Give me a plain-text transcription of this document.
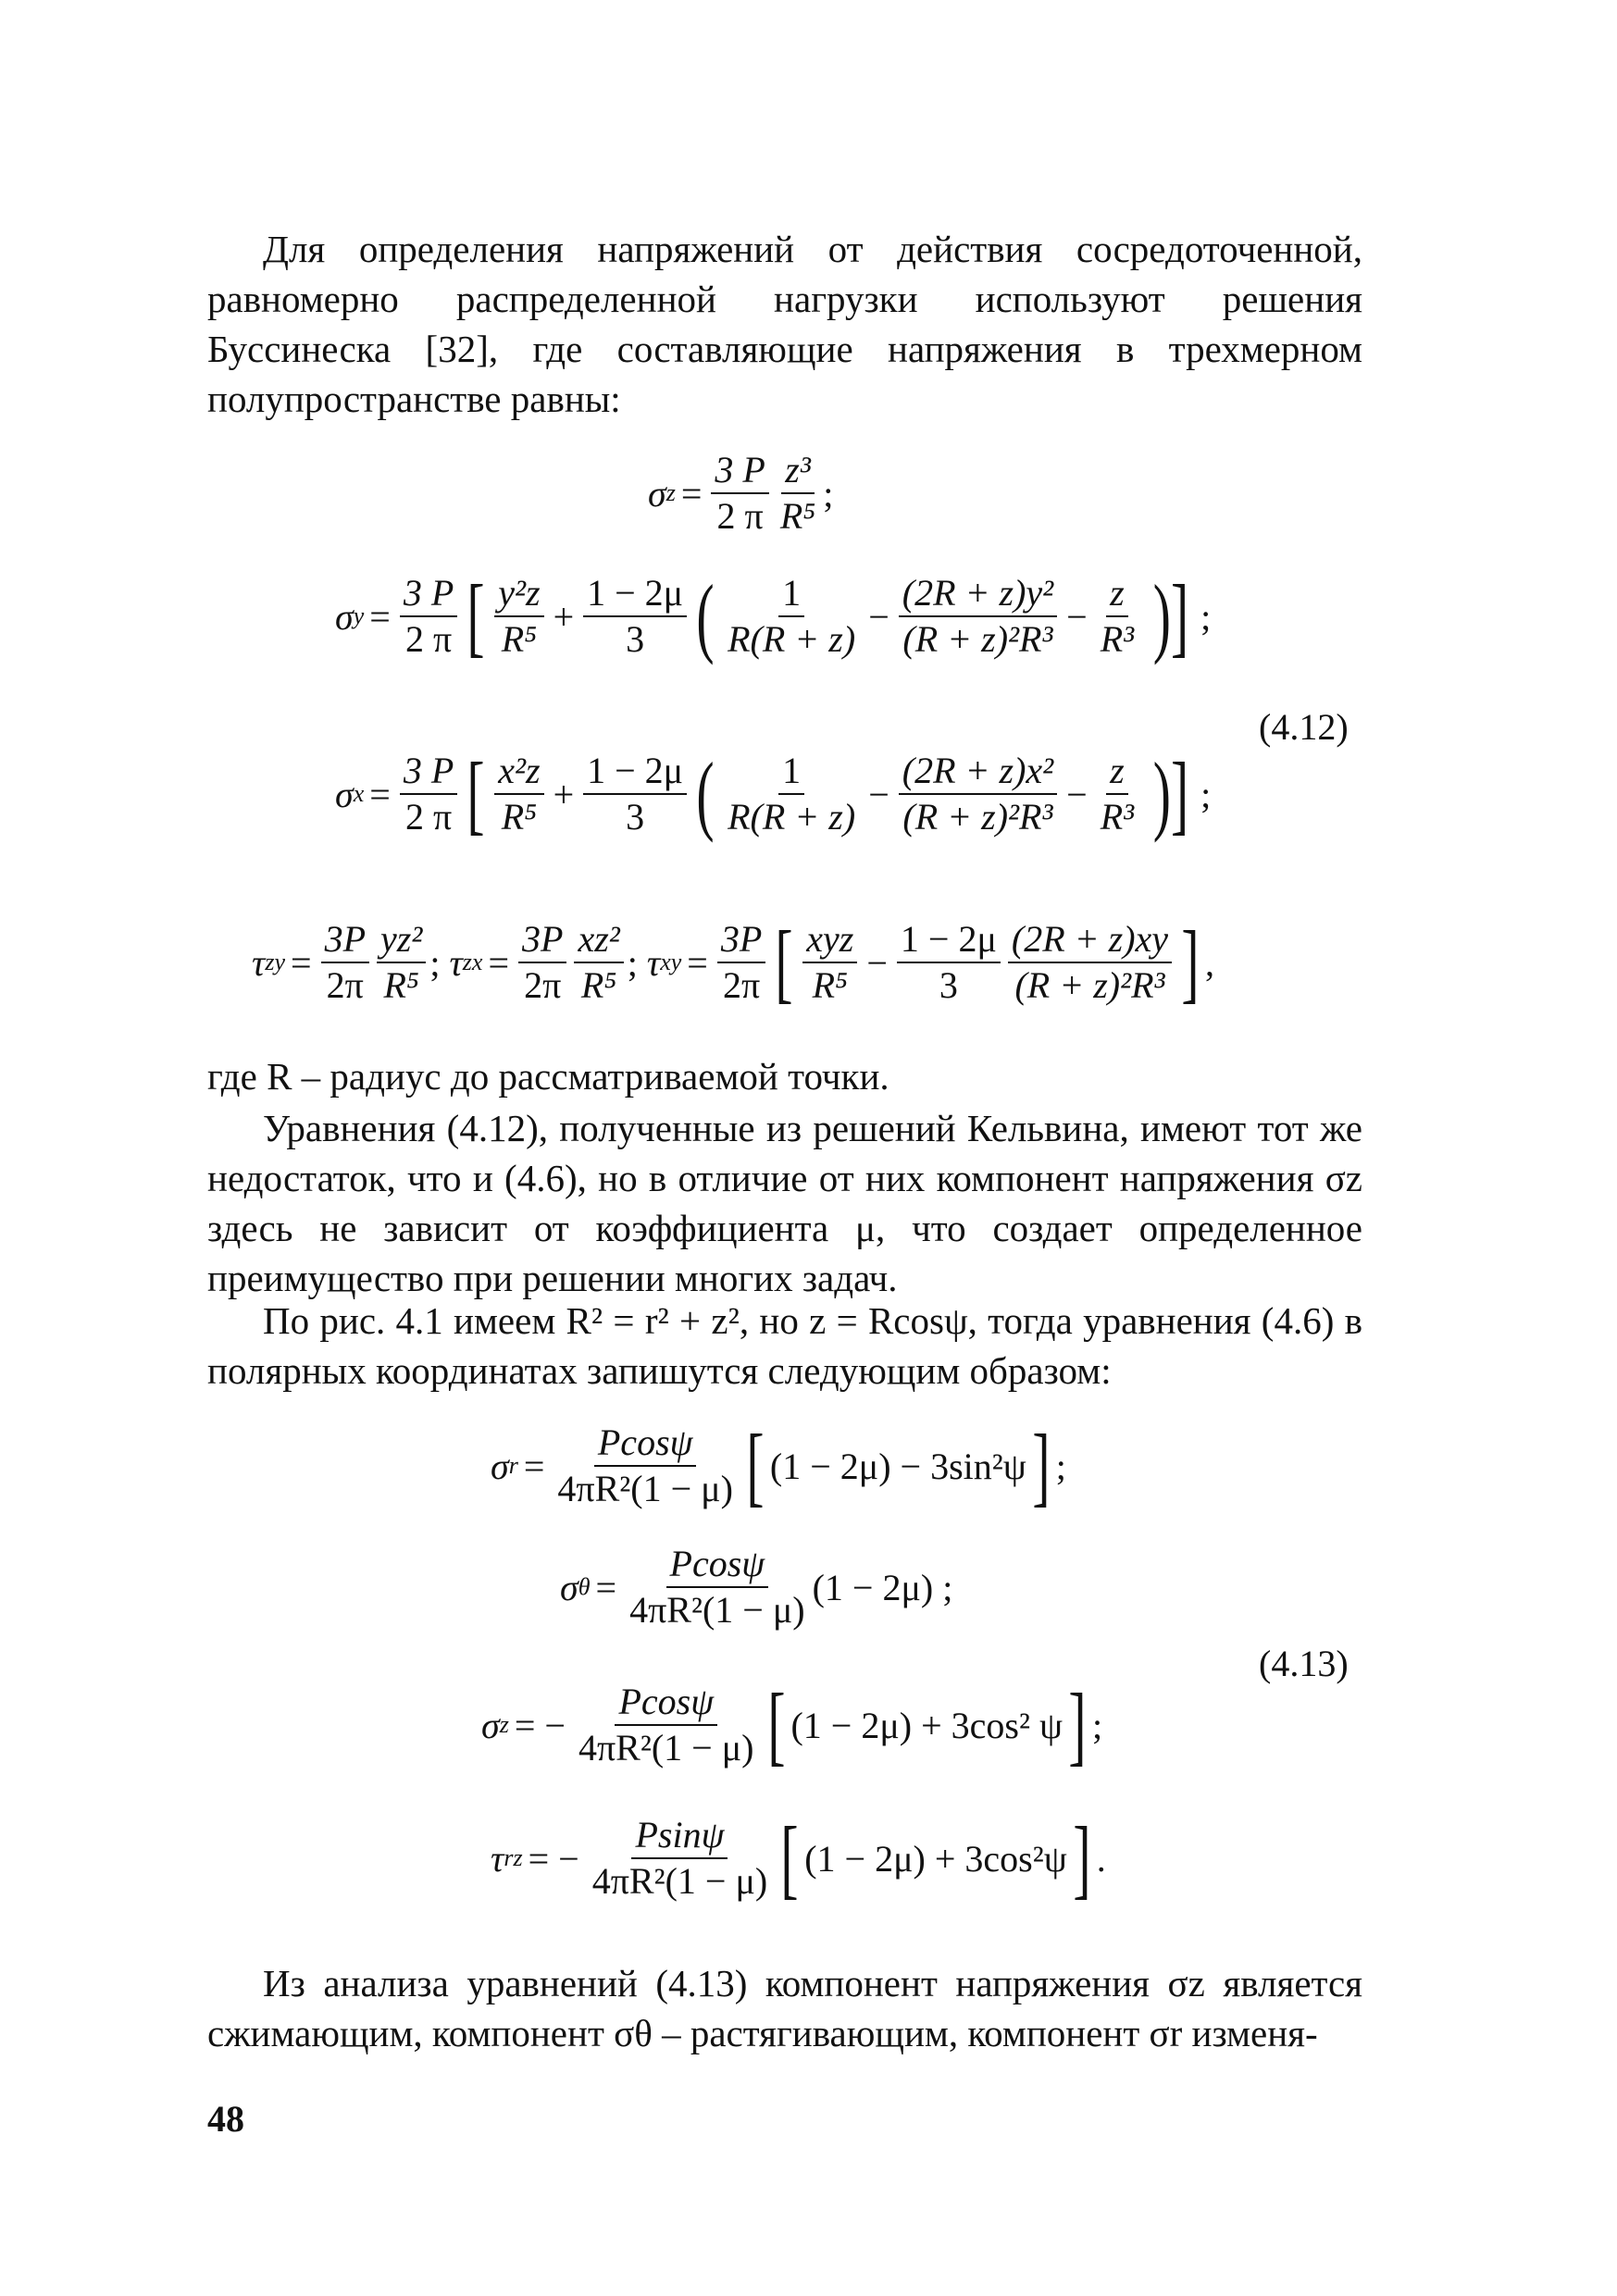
Для определения напряжений от действия сосредоточенной, равномерно распределенной нагрузки используют решения Буссинеска [32], где составляющие напряжения в трехмерном полупространстве равны:
σ $z = \frac{3 P}{2 \pi} \frac{\text{z³}}{\text{R⁵}}$ ;
σ $y = \frac{3 P}{2 \pi}$ [ $\frac{\text{y²z}}{\text{R⁵}} + \frac{1 - 2\mu}{3}$ ( $\frac{1}{R(R + z)} - \frac{\text{(2R + z)y²}}{\text{(R + z)²R³}} - \frac{z}{\text{R³}}$ )] ;
(4.12)
σ $x = \frac{3 P}{2 \pi}$ [ $\frac{\text{x²z}}{\text{R⁵}} + \frac{1 - 2\mu}{3}$ ( $\frac{1}{R(R + z)} - \frac{\text{(2R + z)x²}}{\text{(R + z)²R³}} - \frac{z}{\text{R³}}$ )] ;
τ zy = $\frac{3P}{2\pi} \frac{\text{yz²}}{\text{R⁵}}$ ; τ zx = $\frac{3P}{2\pi} \frac{\text{xz²}}{\text{R⁵}}$ ; τ xy = $\frac{3P}{2\pi}$ [ $\frac{\text{xyz}}{\text{R⁵}} - \frac{1 - 2\mu}{3} \frac{(2R + z)xy}{\text{(R + z)²R³}}$ ] ,
где R – радиус до рассматриваемой точки.
Уравнения (4.12), полученные из решений Кельвина, имеют тот же недостаток, что и (4.6), но в отличие от них компонент напряжения σz здесь не зависит от коэффициента μ, что создает определенное преимущество при решении многих задач.
По рис. 4.1 имеем R² = r² + z², но z = Rcosψ, тогда уравнения (4.6) в полярных координатах запишутся следующим образом:
σ $r = \frac{Pcos\psi}{\text{4πR²(1 − μ)}}$ [ (1 − 2μ) − 3sin²ψ ] ;
σ $\theta = \frac{Pcos\psi}{\text{4πR²(1 − μ)}} (1 - 2\mu)$ ;
(4.13)
σ z = − $\frac{Pcos\psi}{\text{4πR²(1 − μ)}}$ [ (1 − 2μ) + 3cos² ψ ] ;
τ rz = − $\frac{Psin\psi}{\text{4πR²(1 − μ)}}$ [ (1 − 2μ) + 3cos²ψ ] .
Из анализа уравнений (4.13) компонент напряжения σz является сжимающим, компонент σθ – растягивающим, компонент σr изменя-
48
